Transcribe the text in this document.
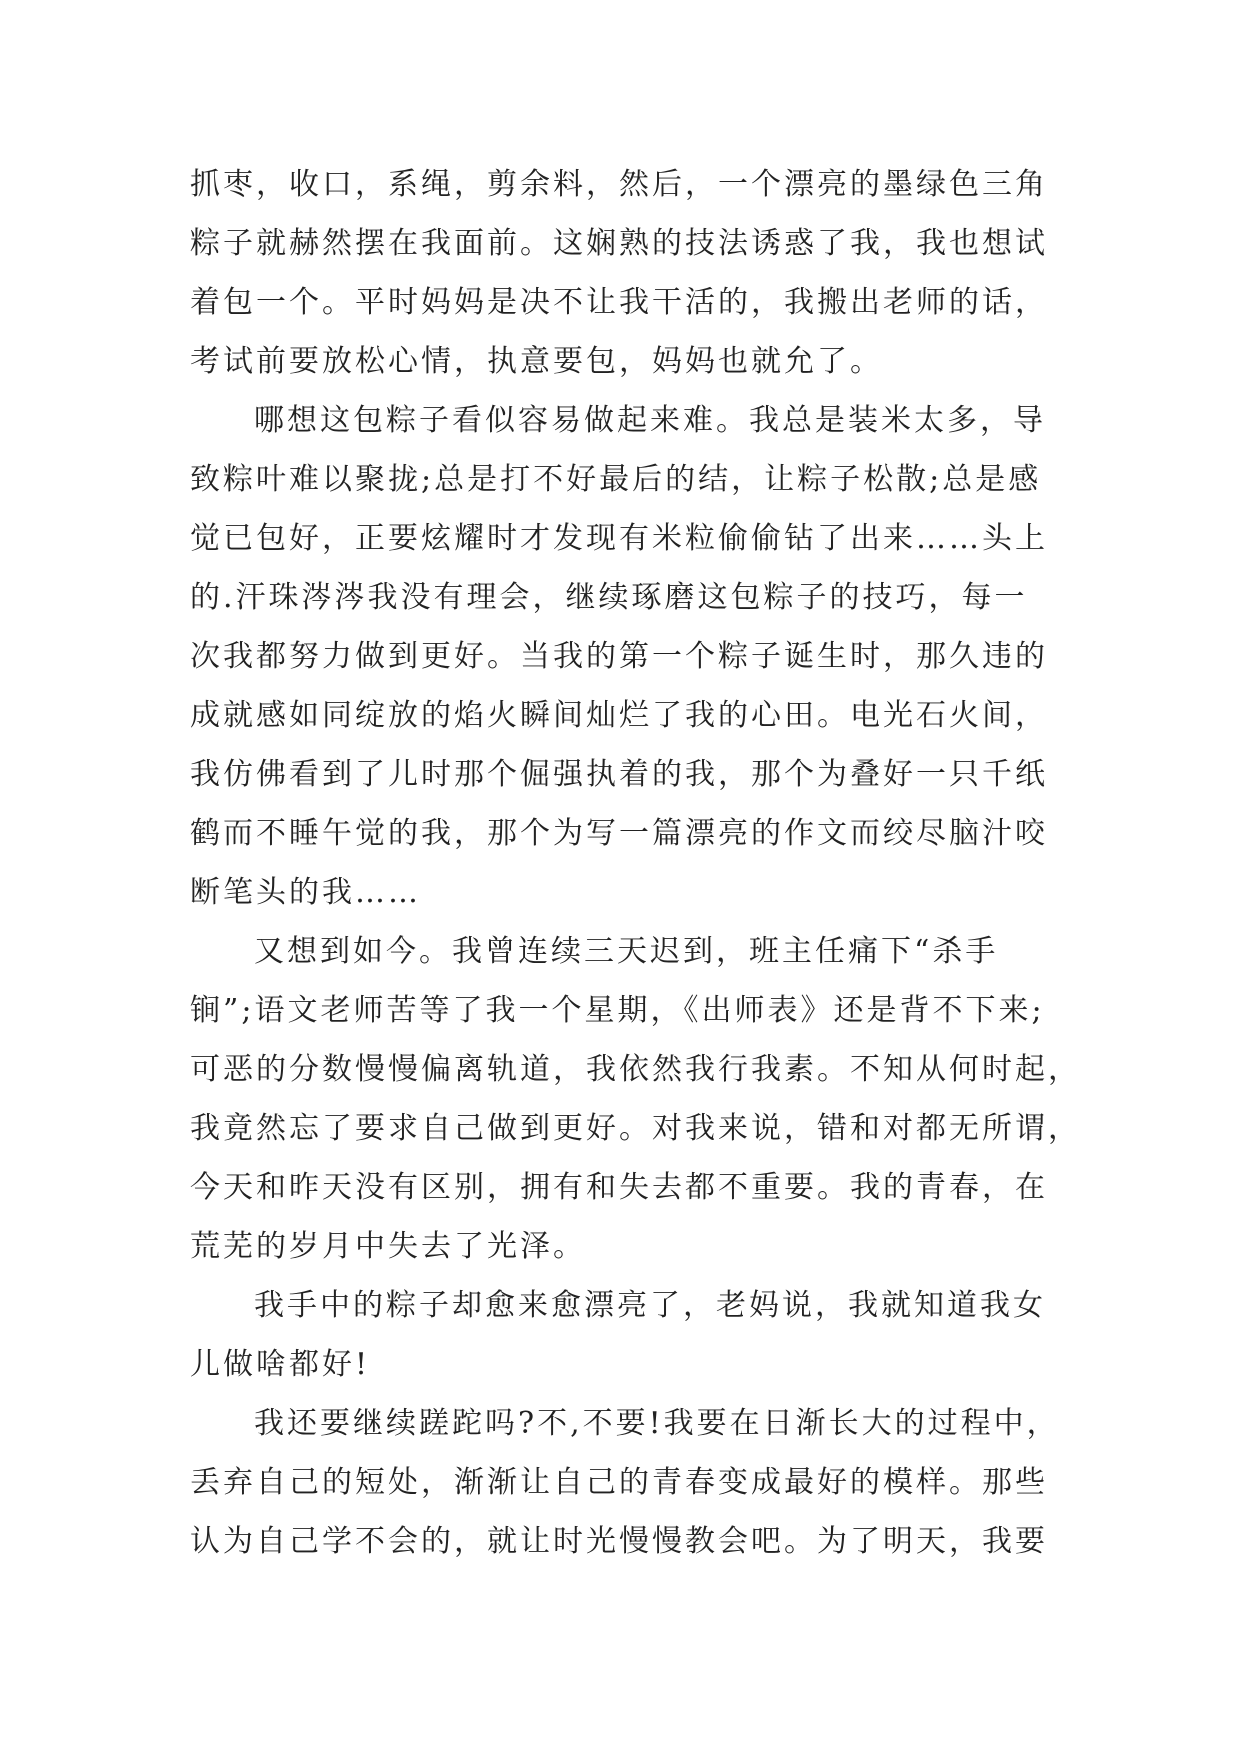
抓枣，收口，系绳，剪余料，然后，一个漂亮的墨绿色三角
粽子就赫然摆在我面前。这娴熟的技法诱惑了我，我也想试
着包一个。平时妈妈是决不让我干活的，我搬出老师的话，
考试前要放松心情，执意要包，妈妈也就允了。
哪想这包粽子看似容易做起来难。我总是装米太多，导
致粽叶难以聚拢;总是打不好最后的结，让粽子松散;总是感
觉已包好，正要炫耀时才发现有米粒偷偷钻了出来……头上
的.汗珠涔涔我没有理会，继续琢磨这包粽子的技巧，每一
次我都努力做到更好。当我的第一个粽子诞生时，那久违的
成就感如同绽放的焰火瞬间灿烂了我的心田。电光石火间，
我仿佛看到了儿时那个倔强执着的我，那个为叠好一只千纸
鹤而不睡午觉的我，那个为写一篇漂亮的作文而绞尽脑汁咬
断笔头的我……
又想到如今。我曾连续三天迟到，班主任痛下“杀手
锏”;语文老师苦等了我一个星期，《出师表》还是背不下来;
可恶的分数慢慢偏离轨道，我依然我行我素。不知从何时起，
我竟然忘了要求自己做到更好。对我来说，错和对都无所谓，
今天和昨天没有区别，拥有和失去都不重要。我的青春，在
荒芜的岁月中失去了光泽。
我手中的粽子却愈来愈漂亮了，老妈说，我就知道我女
儿做啥都好!
我还要继续蹉跎吗?不,不要!我要在日渐长大的过程中，
丢弃自己的短处，渐渐让自己的青春变成最好的模样。那些
认为自己学不会的，就让时光慢慢教会吧。为了明天，我要
